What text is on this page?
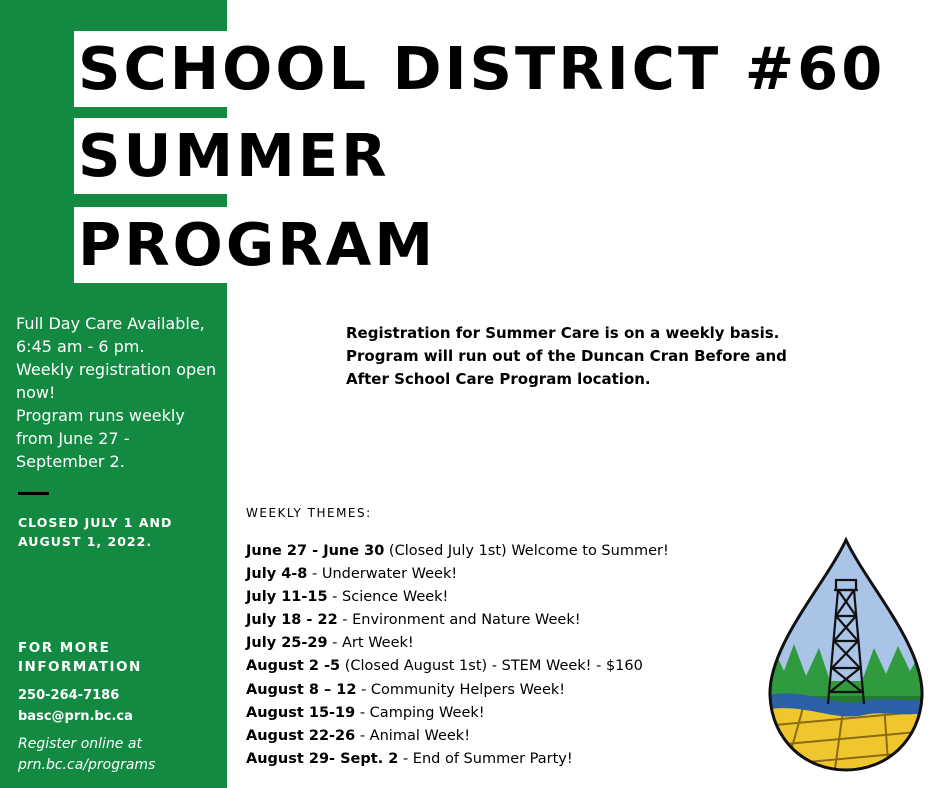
SCHOOL DISTRICT #60
SUMMER
PROGRAM
Full Day Care Available,
6:45 am - 6 pm.
Weekly registration open
now!
Program runs weekly
from June 27 -
September 2.
CLOSED JULY 1 AND
AUGUST 1, 2022.
FOR MORE
INFORMATION
250-264-7186
basc@prn.bc.ca
Register online at
prn.bc.ca/programs
Registration for Summer Care is on a weekly basis.
Program will run out of the Duncan Cran Before and
After School Care Program location.
WEEKLY THEMES:
June 27 - June 30 (Closed July 1st) Welcome to Summer!
July 4-8 - Underwater Week!
July 11-15 - Science Week!
July 18 - 22 - Environment and Nature Week!
July 25-29 - Art Week!
August 2 -5 (Closed August 1st) - STEM Week! - $160
August 8 – 12 - Community Helpers Week!
August 15-19 - Camping Week!
August 22-26 - Animal Week!
August 29- Sept. 2 - End of Summer Party!
